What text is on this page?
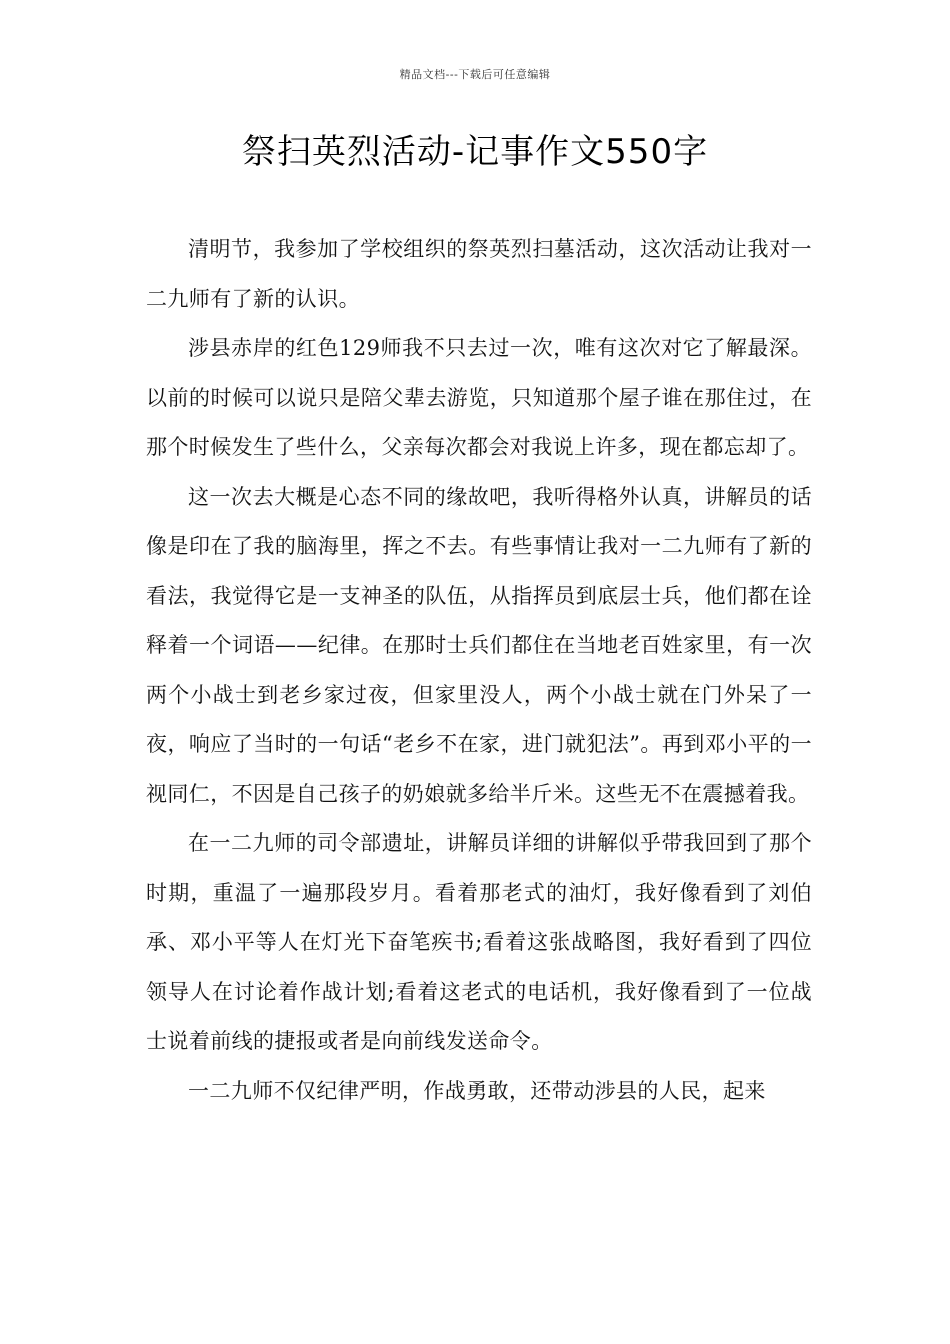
精品文档---下载后可任意编辑
祭扫英烈活动-记事作文550字

清明节，我参加了学校组织的祭英烈扫墓活动，这次活动让我对一二九师有了新的认识。

涉县赤岸的红色129师我不只去过一次，唯有这次对它了解最深。以前的时候可以说只是陪父辈去游览，只知道那个屋子谁在那住过，在那个时候发生了些什么，父亲每次都会对我说上许多，现在都忘却了。

这一次去大概是心态不同的缘故吧，我听得格外认真，讲解员的话像是印在了我的脑海里，挥之不去。有些事情让我对一二九师有了新的看法，我觉得它是一支神圣的队伍，从指挥员到底层士兵，他们都在诠释着一个词语——纪律。在那时士兵们都住在当地老百姓家里，有一次两个小战士到老乡家过夜，但家里没人，两个小战士就在门外呆了一夜，响应了当时的一句话“老乡不在家，进门就犯法”。再到邓小平的一视同仁，不因是自己孩子的奶娘就多给半斤米。这些无不在震撼着我。

在一二九师的司令部遗址，讲解员详细的讲解似乎带我回到了那个时期，重温了一遍那段岁月。看着那老式的油灯，我好像看到了刘伯承、邓小平等人在灯光下奋笔疾书;看着这张战略图，我好看到了四位领导人在讨论着作战计划;看着这老式的电话机，我好像看到了一位战士说着前线的捷报或者是向前线发送命令。

一二九师不仅纪律严明，作战勇敢，还带动涉县的人民，起来
